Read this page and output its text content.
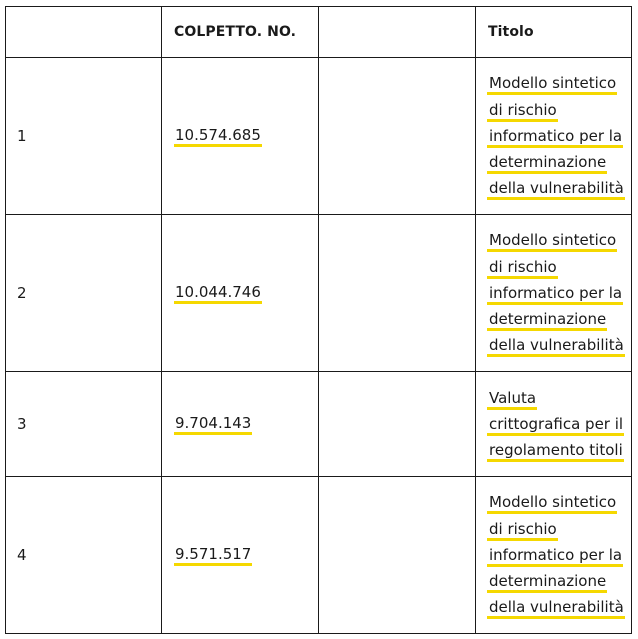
	COLPETTO. NO.		Titolo

1	10.574.685		Modello sintetico
di rischio
informatico per la
determinazione
della vulnerabilità

2	10.044.746		Modello sintetico
di rischio
informatico per la
determinazione
della vulnerabilità

3	9.704.143		Valuta
crittografica per il
regolamento titoli

4	9.571.517		Modello sintetico
di rischio
informatico per la
determinazione
della vulnerabilità
